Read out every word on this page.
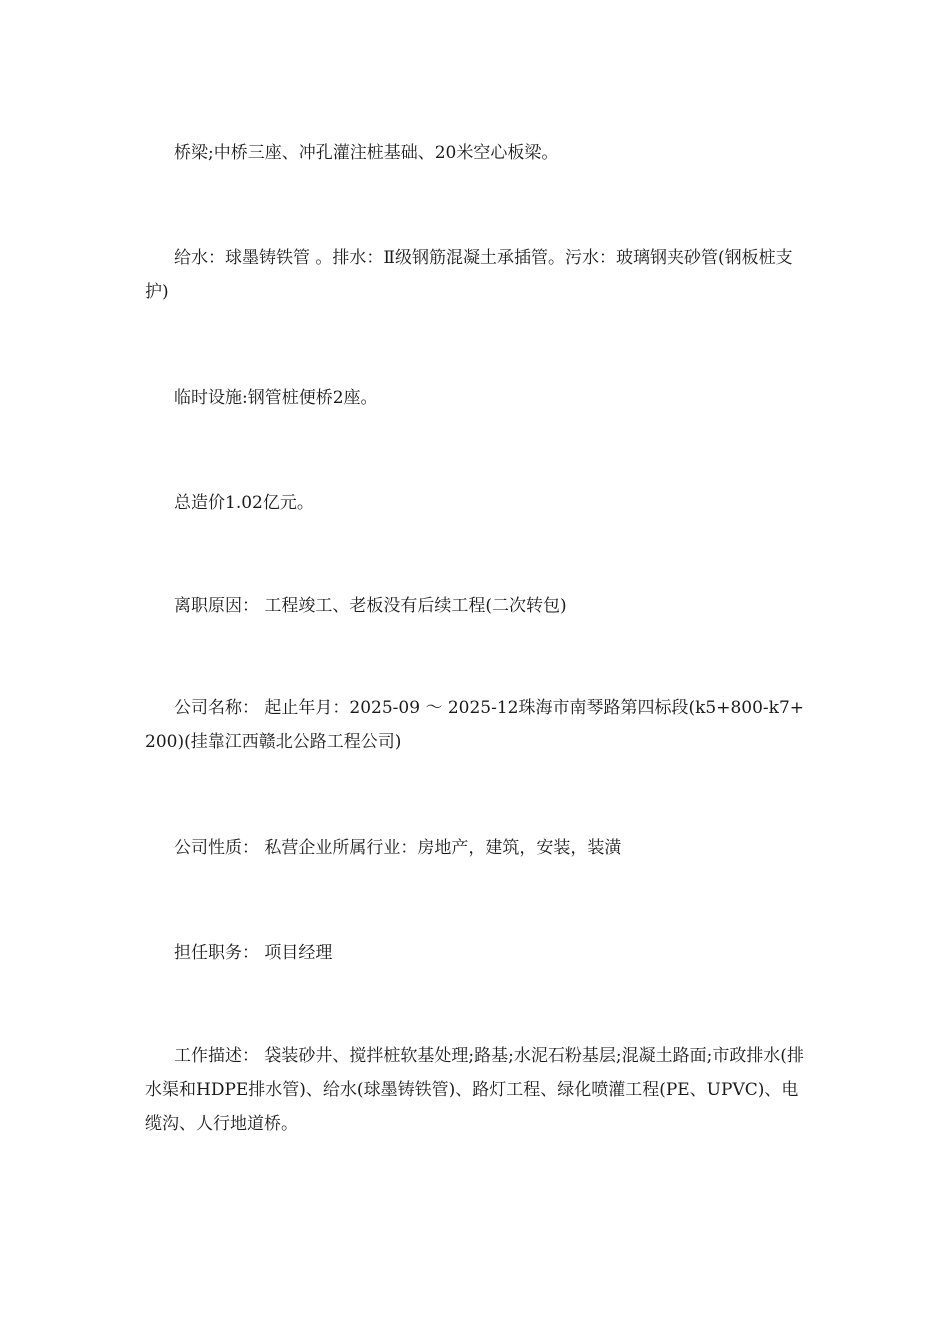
桥梁;中桥三座、冲孔灌注桩基础、20米空心板梁。

给水：球墨铸铁管 。排水：Ⅱ级钢筋混凝土承插管。污水：玻璃钢夹砂管(钢板桩支护)

临时设施:钢管桩便桥2座。

总造价1.02亿元。

离职原因： 工程竣工、老板没有后续工程(二次转包)

公司名称： 起止年月：2025-09 ～ 2025-12珠海市南琴路第四标段(k5+800-k7+200)(挂靠江西赣北公路工程公司)

公司性质： 私营企业所属行业：房地产，建筑，安装，装潢

担任职务： 项目经理

工作描述： 袋装砂井、搅拌桩软基处理;路基;水泥石粉基层;混凝土路面;市政排水(排水渠和HDPE排水管)、给水(球墨铸铁管)、路灯工程、绿化喷灌工程(PE、UPVC)、电缆沟、人行地道桥。
